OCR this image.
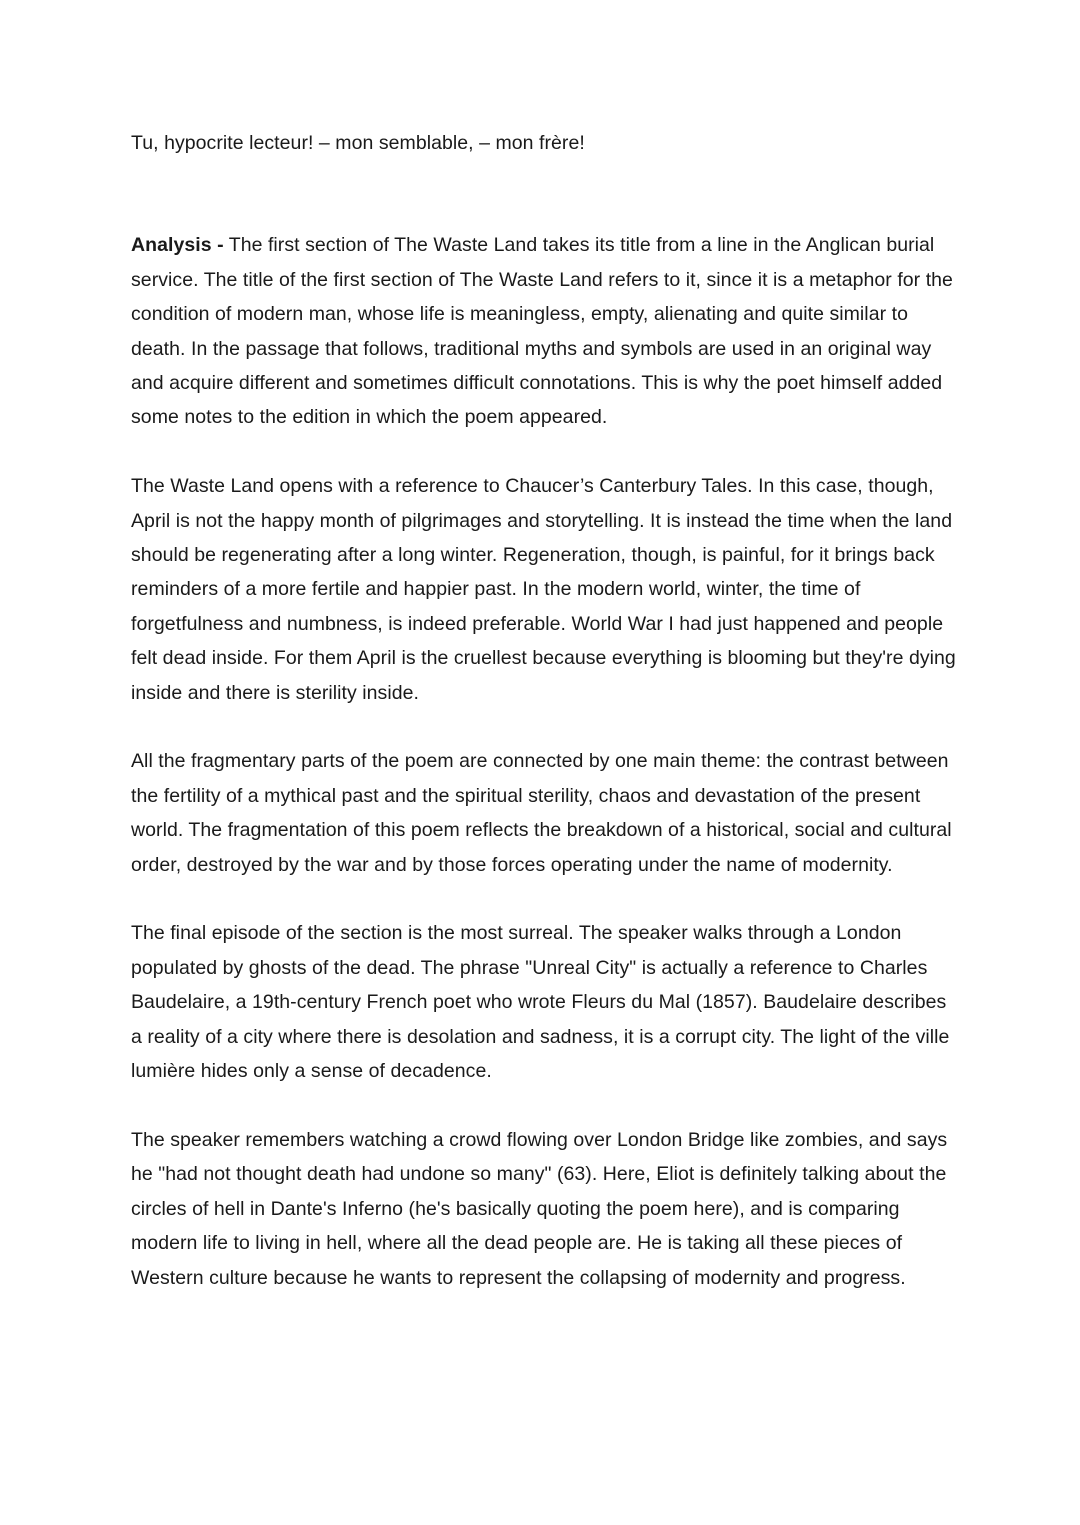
Tu, hypocrite lecteur! – mon semblable, – mon frère!

Analysis - The first section of The Waste Land takes its title from a line in the Anglican burial service. The title of the first section of The Waste Land refers to it, since it is a metaphor for the condition of modern man, whose life is meaningless, empty, alienating and quite similar to death. In the passage that follows, traditional myths and symbols are used in an original way and acquire different and sometimes difficult connotations. This is why the poet himself added some notes to the edition in which the poem appeared.

The Waste Land opens with a reference to Chaucer’s Canterbury Tales. In this case, though, April is not the happy month of pilgrimages and storytelling. It is instead the time when the land should be regenerating after a long winter. Regeneration, though, is painful, for it brings back reminders of a more fertile and happier past. In the modern world, winter, the time of forgetfulness and numbness, is indeed preferable. World War I had just happened and people felt dead inside. For them April is the cruellest because everything is blooming but they're dying inside and there is sterility inside.

All the fragmentary parts of the poem are connected by one main theme: the contrast between the fertility of a mythical past and the spiritual sterility, chaos and devastation of the present world. The fragmentation of this poem reflects the breakdown of a historical, social and cultural order, destroyed by the war and by those forces operating under the name of modernity.

The final episode of the section is the most surreal. The speaker walks through a London populated by ghosts of the dead. The phrase "Unreal City" is actually a reference to Charles Baudelaire, a 19th-century French poet who wrote Fleurs du Mal (1857). Baudelaire describes a reality of a city where there is desolation and sadness, it is a corrupt city. The light of the ville lumière hides only a sense of decadence.

The speaker remembers watching a crowd flowing over London Bridge like zombies, and says he "had not thought death had undone so many" (63). Here, Eliot is definitely talking about the circles of hell in Dante's Inferno (he's basically quoting the poem here), and is comparing modern life to living in hell, where all the dead people are. He is taking all these pieces of Western culture because he wants to represent the collapsing of modernity and progress.
